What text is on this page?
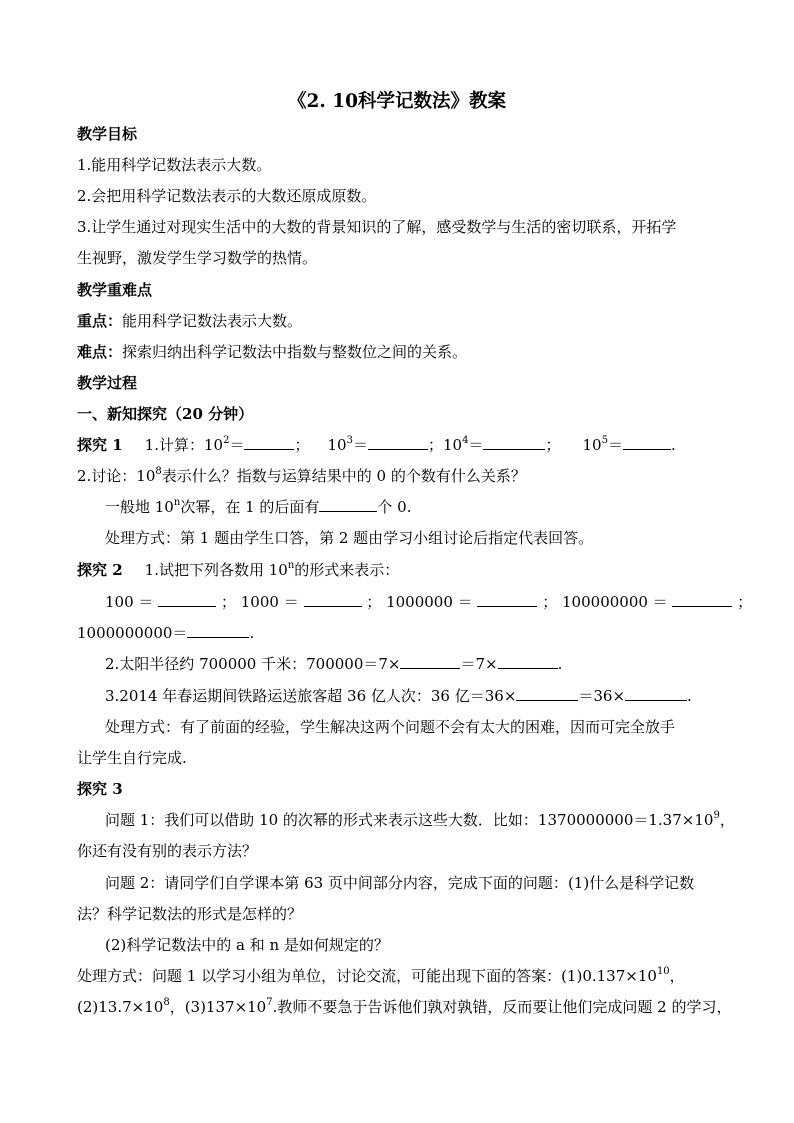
《2. 10科学记数法》教案
教学目标
1.能用科学记数法表示大数。
2.会把用科学记数法表示的大数还原成原数。
3.让学生通过对现实生活中的大数的背景知识的了解，感受数学与生活的密切联系，开拓学
生视野，激发学生学习数学的热情。
教学重难点
重点：能用科学记数法表示大数。
难点：探索归纳出科学记数法中指数与整数位之间的关系。
教学过程
一、新知探究（20 分钟）
探究 1 1.计算：$10^2=$	； $10^3=$	；$10^4=$	； $10^5=$	.
2.讨论：$10^8$表示什么？指数与运算结果中的 0 的个数有什么关系？
一般地 10$^n$次幂，在 1 的后面有	个 0.
处理方式：第 1 题由学生口答，第 2 题由学习小组讨论后指定代表回答。
探究 2 1.试把下列各数用 10$^n$的形式来表示：
100 ＝	； 1000 ＝	； 1000000 ＝	； 100000000 ＝	；
1000000000＝	.
2.太阳半径约 700000 千米：700000＝7×	＝7×	.
3.2014 年春运期间铁路运送旅客超 36 亿人次：36 亿＝36×	＝36×	.
处理方式：有了前面的经验，学生解决这两个问题不会有太大的困难，因而可完全放手
让学生自行完成.
探究 3
问题 1：我们可以借助 10 的次幂的形式来表示这些大数．比如：$1370000000=1.37\times 10^9$，
你还有没有别的表示方法？
问题 2：请同学们自学课本第 63 页中间部分内容，完成下面的问题：(1)什么是科学记数
法？科学记数法的形式是怎样的？
(2)科学记数法中的 a 和 n 是如何规定的？
处理方式：问题 1 以学习小组为单位，讨论交流，可能出现下面的答案：$(1)0.137\times 10^{10}$，
$(2)13.7\times 10^8$，$(3)137\times 10^7$.教师不要急于告诉他们孰对孰错，反而要让他们完成问题 2 的学习，
